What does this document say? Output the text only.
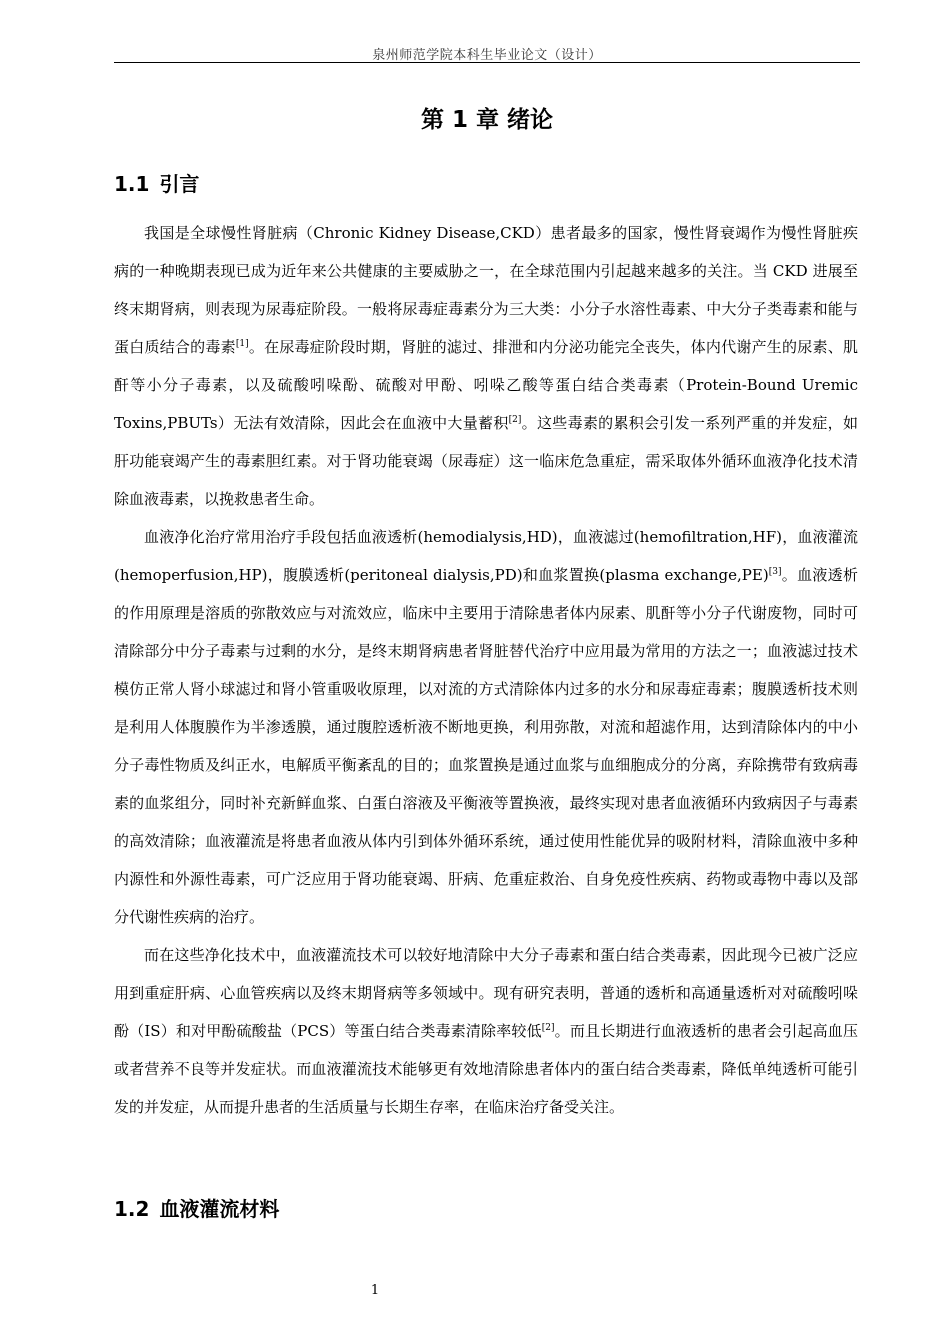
泉州师范学院本科生毕业论文（设计）
第 1 章 绪论
1.1 引言

我国是全球慢性肾脏病（Chronic Kidney Disease,CKD）患者最多的国家，慢性肾衰竭作为慢性肾脏疾病的一种晚期表现已成为近年来公共健康的主要威胁之一，在全球范围内引起越来越多的关注。当 CKD 进展至终末期肾病，则表现为尿毒症阶段。一般将尿毒症毒素分为三大类：小分子水溶性毒素、中大分子类毒素和能与蛋白质结合的毒素[1]。在尿毒症阶段时期，肾脏的滤过、排泄和内分泌功能完全丧失，体内代谢产生的尿素、肌酐等小分子毒素，以及硫酸吲哚酚、硫酸对甲酚、吲哚乙酸等蛋白结合类毒素（Protein-Bound Uremic Toxins,PBUTs）无法有效清除，因此会在血液中大量蓄积[2]。这些毒素的累积会引发一系列严重的并发症，如肝功能衰竭产生的毒素胆红素。对于肾功能衰竭（尿毒症）这一临床危急重症，需采取体外循环血液净化技术清除血液毒素，以挽救患者生命。

血液净化治疗常用治疗手段包括血液透析(hemodialysis,HD)，血液滤过(hemofiltration,HF)，血液灌流(hemoperfusion,HP)，腹膜透析(peritoneal dialysis,PD)和血浆置换(plasma exchange,PE)[3]。血液透析的作用原理是溶质的弥散效应与对流效应，临床中主要用于清除患者体内尿素、肌酐等小分子代谢废物，同时可清除部分中分子毒素与过剩的水分，是终末期肾病患者肾脏替代治疗中应用最为常用的方法之一；血液滤过技术模仿正常人肾小球滤过和肾小管重吸收原理，以对流的方式清除体内过多的水分和尿毒症毒素；腹膜透析技术则是利用人体腹膜作为半渗透膜，通过腹腔透析液不断地更换，利用弥散，对流和超滤作用，达到清除体内的中小分子毒性物质及纠正水，电解质平衡紊乱的目的；血浆置换是通过血浆与血细胞成分的分离，弃除携带有致病毒素的血浆组分，同时补充新鲜血浆、白蛋白溶液及平衡液等置换液，最终实现对患者血液循环内致病因子与毒素的高效清除；血液灌流是将患者血液从体内引到体外循环系统，通过使用性能优异的吸附材料，清除血液中多种内源性和外源性毒素，可广泛应用于肾功能衰竭、肝病、危重症救治、自身免疫性疾病、药物或毒物中毒以及部分代谢性疾病的治疗。

而在这些净化技术中，血液灌流技术可以较好地清除中大分子毒素和蛋白结合类毒素，因此现今已被广泛应用到重症肝病、心血管疾病以及终末期肾病等多领域中。现有研究表明，普通的透析和高通量透析对对硫酸吲哚酚（IS）和对甲酚硫酸盐（PCS）等蛋白结合类毒素清除率较低[2]。而且长期进行血液透析的患者会引起高血压或者营养不良等并发症状。而血液灌流技术能够更有效地清除患者体内的蛋白结合类毒素，降低单纯透析可能引发的并发症，从而提升患者的生活质量与长期生存率，在临床治疗备受关注。

1.2 血液灌流材料
1
